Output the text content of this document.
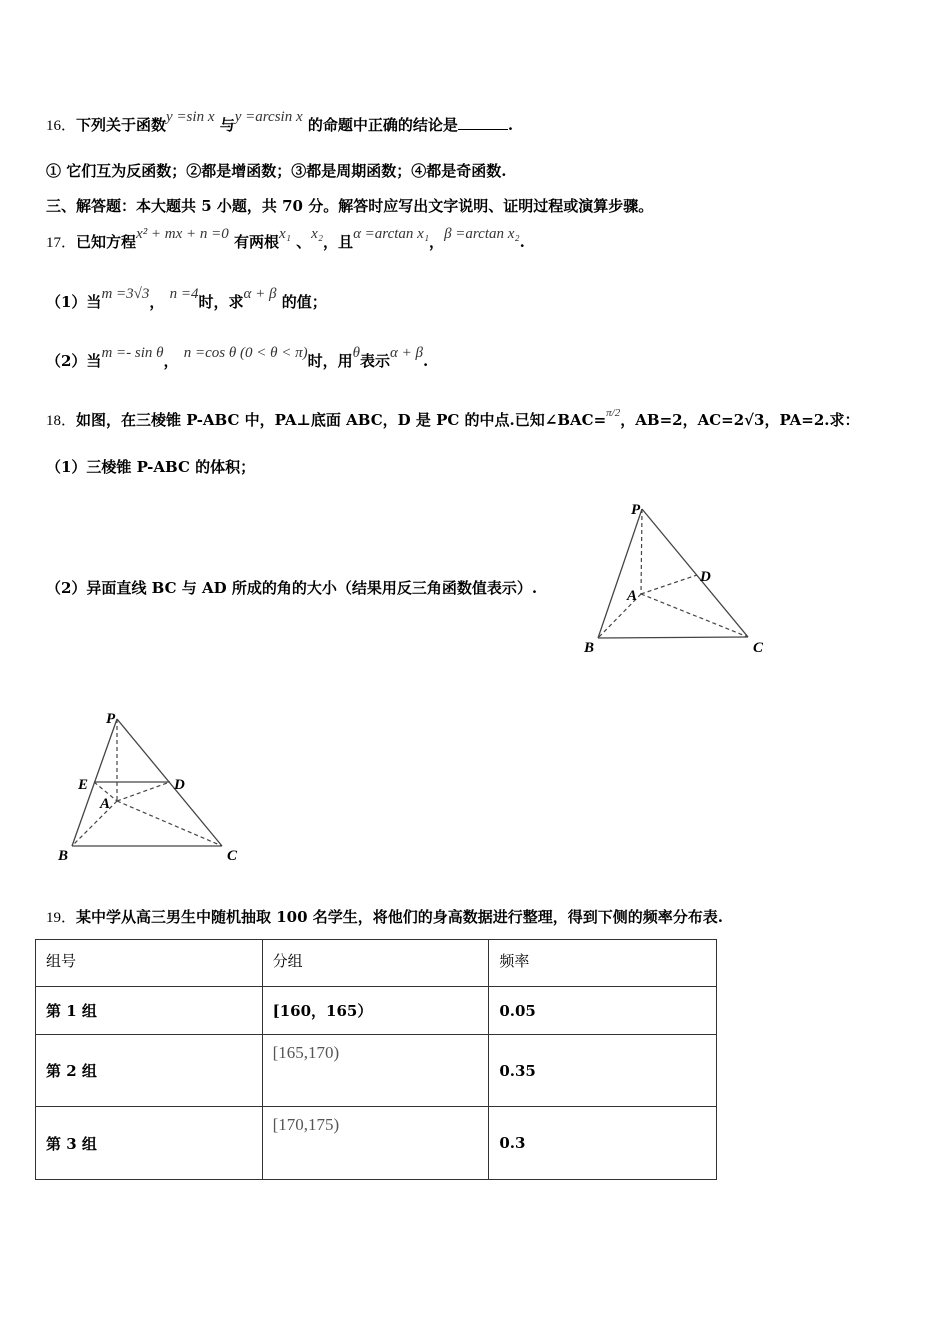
16．下列关于函数y =sin x 与y =arcsin x 的命题中正确的结论是	.
① 它们互为反函数；②都是增函数；③都是周期函数；④都是奇函数.
三、解答题：本大题共 5 小题，共 70 分。解答时应写出文字说明、证明过程或演算步骤。
17．已知方程x² + mx + n =0 有两根x₁ 、x₂，且α =arctan x₁，β =arctan x₂.
（1）当m =3√3， n =4时，求α + β 的值；
（2）当m =- sin θ， n =cos θ (0 < θ < π)时，用θ表示α + β.
18．如图，在三棱锥 P-ABC 中，PA⊥底面 ABC，D 是 PC 的中点.已知∠BAC=$^{\pi/2}$，AB=2，AC=2√3，PA=2.求：
（1）三棱锥 P-ABC 的体积；
（2）异面直线 BC 与 AD 所成的角的大小（结果用反三角函数值表示）.
P
D
A
B	C
P
E	D
A
B	C
19．某中学从高三男生中随机抽取 100 名学生，将他们的身高数据进行整理，得到下侧的频率分布表.
组号	分组	频率
第 1 组	[160，165）	0.05
第 2 组	[165,170)	0.35
第 3 组	[170,175)	0.3
